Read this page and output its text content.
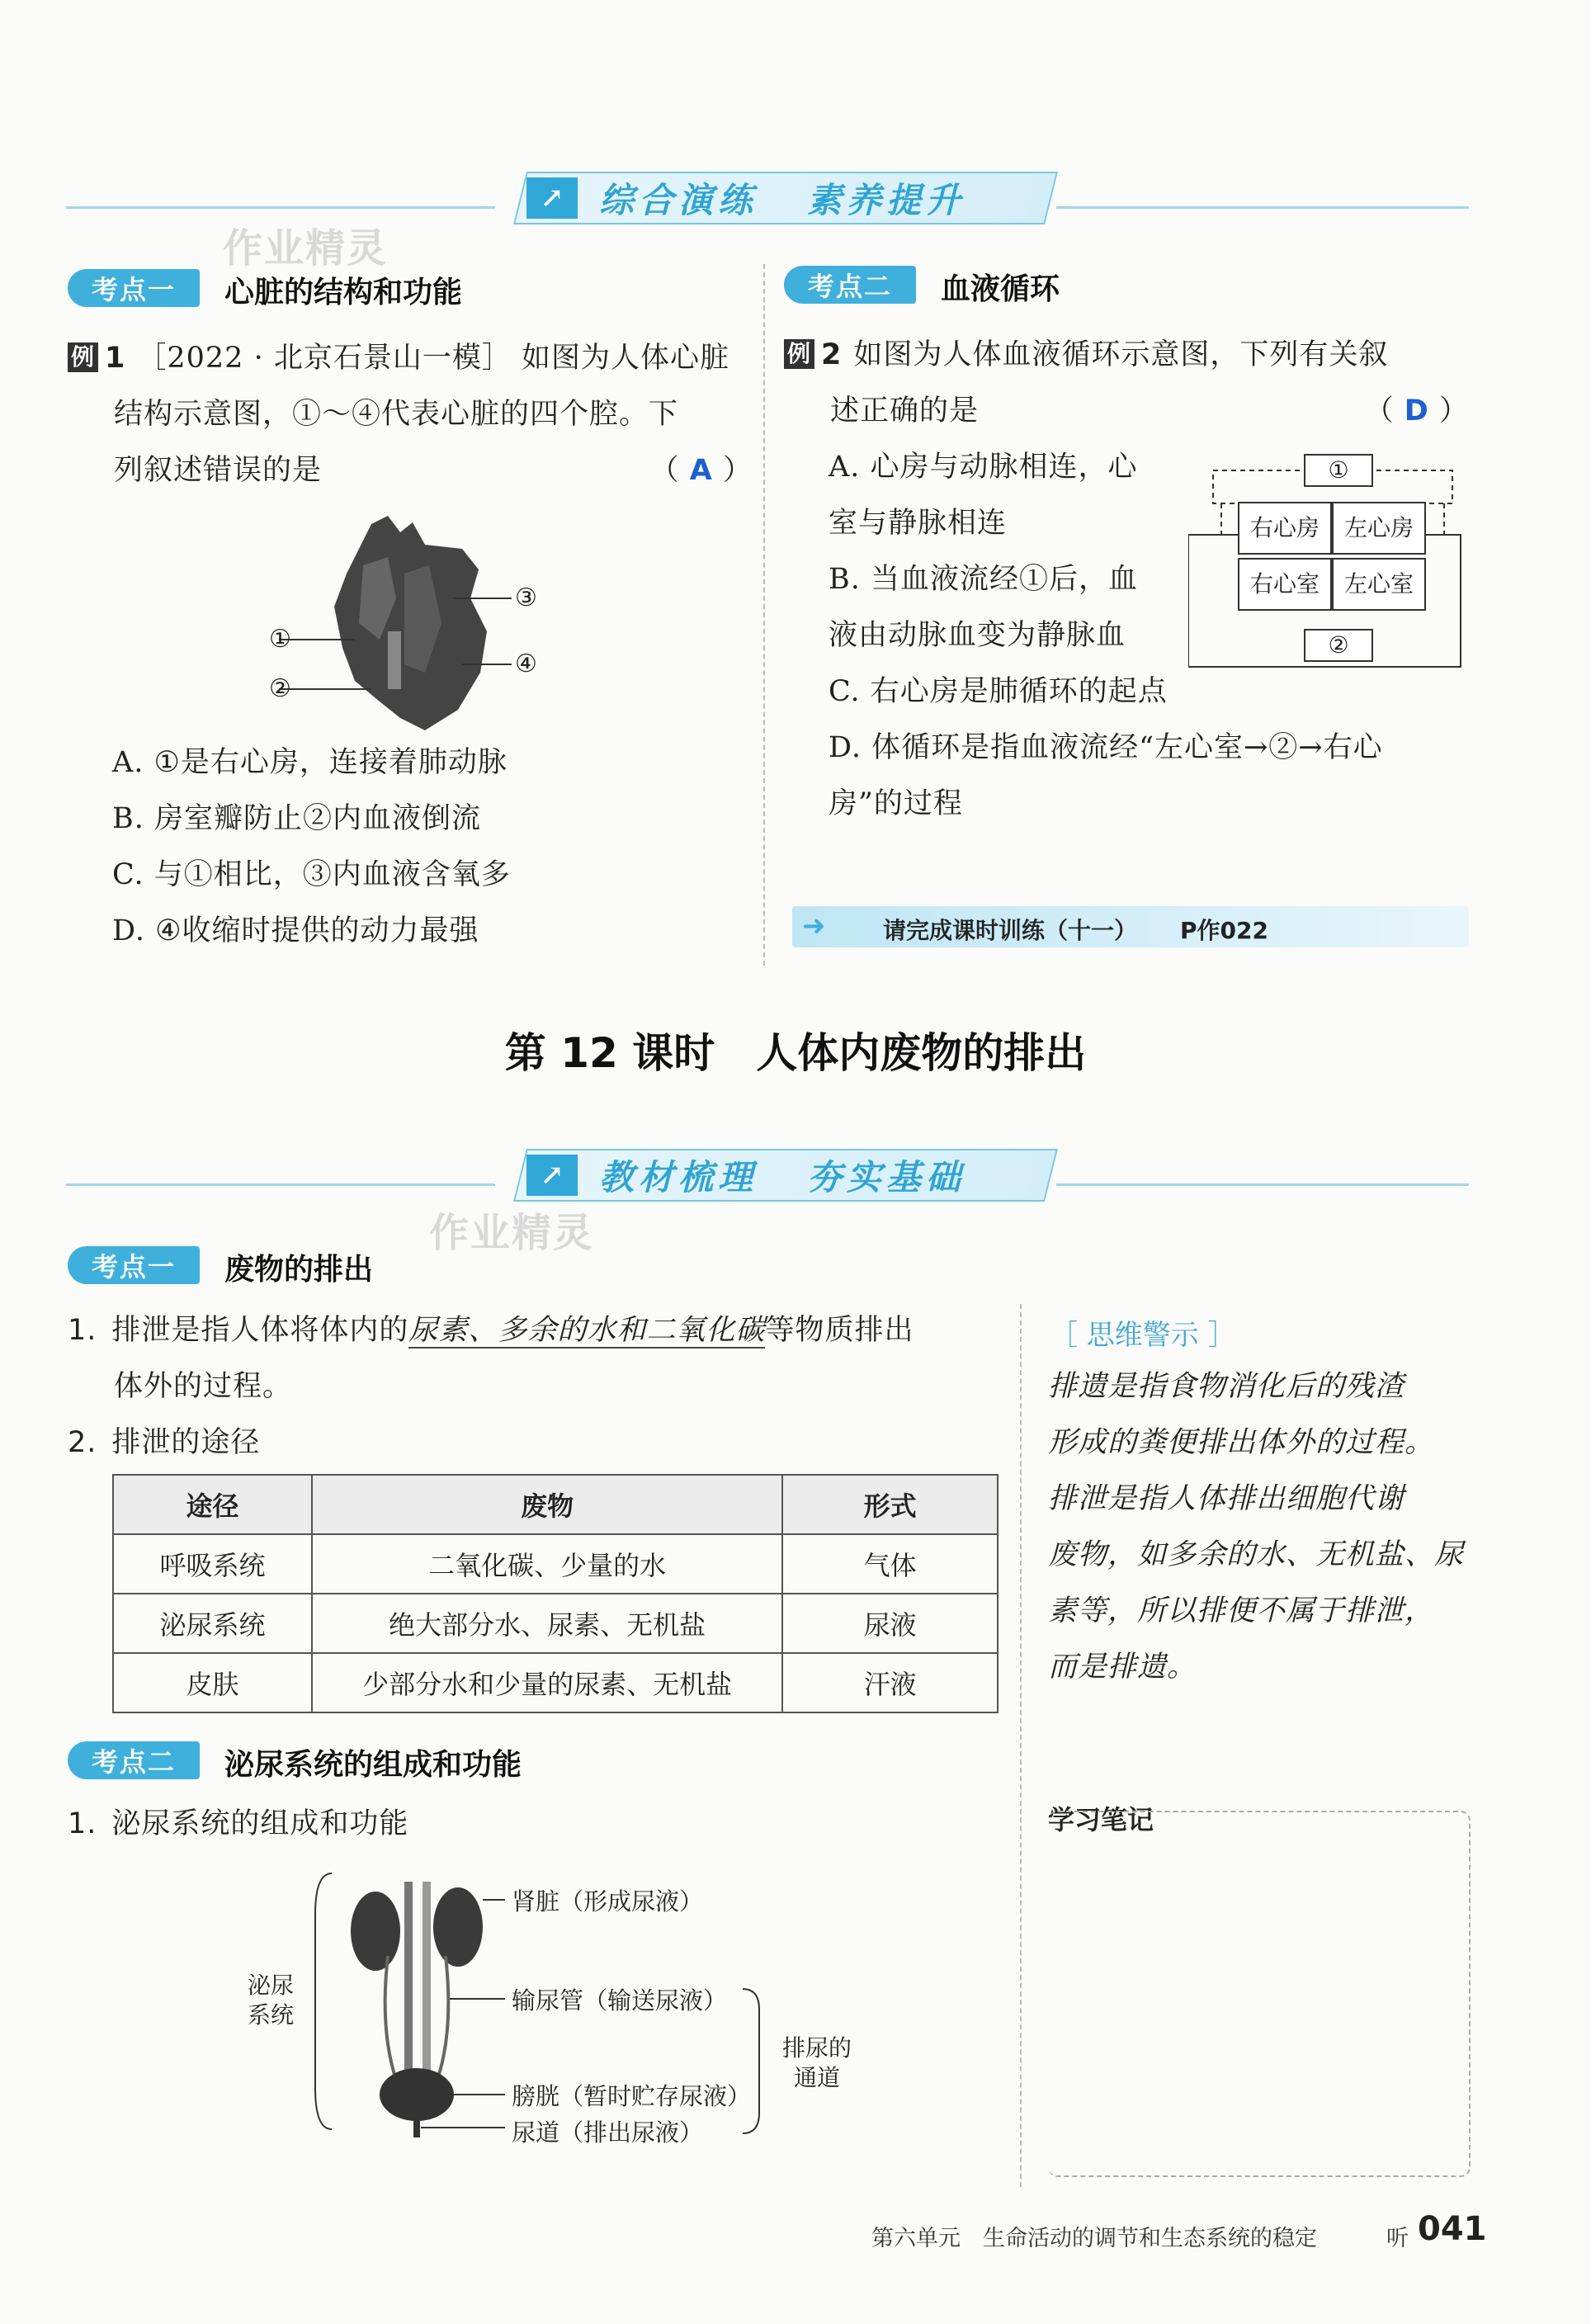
↗	综合演练 素养提升
作业精灵
考点一	心脏的结构和功能
例 1 ［2022 · 北京石景山一模］ 如图为人体心脏
结构示意图，①～④代表心脏的四个腔。下
列叙述错误的是	（ A ）
①
②
③
④
A. ①是右心房，连接着肺动脉
B. 房室瓣防止②内血液倒流
C. 与①相比，③内血液含氧多
D. ④收缩时提供的动力最强
考点二	血液循环
例 2 如图为人体血液循环示意图，下列有关叙
述正确的是	（ D ）
A. 心房与动脉相连，心
室与静脉相连
B. 当血液流经①后，血
液由动脉血变为静脉血
C. 右心房是肺循环的起点
D. 体循环是指血液流经“左心室→②→右心
房”的过程
①
右心房	左心房
右心室	左心室
②
➜ 请完成课时训练（十一） P作022
第 12 课时　人体内废物的排出
↗	教材梳理 夯实基础
作业精灵
考点一	废物的排出
1. 排泄是指人体将体内的尿素、多余的水和二氧化碳等物质排出
体外的过程。
2. 排泄的途径
途径	废物	形式
呼吸系统	二氧化碳、少量的水	气体
泌尿系统	绝大部分水、尿素、无机盐	尿液
皮肤	少部分水和少量的尿素、无机盐	汗液
［ 思维警示 ］
排遗是指食物消化后的残渣
形成的粪便排出体外的过程。
排泄是指人体排出细胞代谢
废物，如多余的水、无机盐、尿
素等，所以排便不属于排泄，
而是排遗。
考点二	泌尿系统的组成和功能
1. 泌尿系统的组成和功能
泌尿
系统
肾脏（形成尿液）
输尿管（输送尿液）
膀胱（暂时贮存尿液）
尿道（排出尿液）
排尿的
通道
学习笔记
第六单元　生命活动的调节和生态系统的稳定	听 041
